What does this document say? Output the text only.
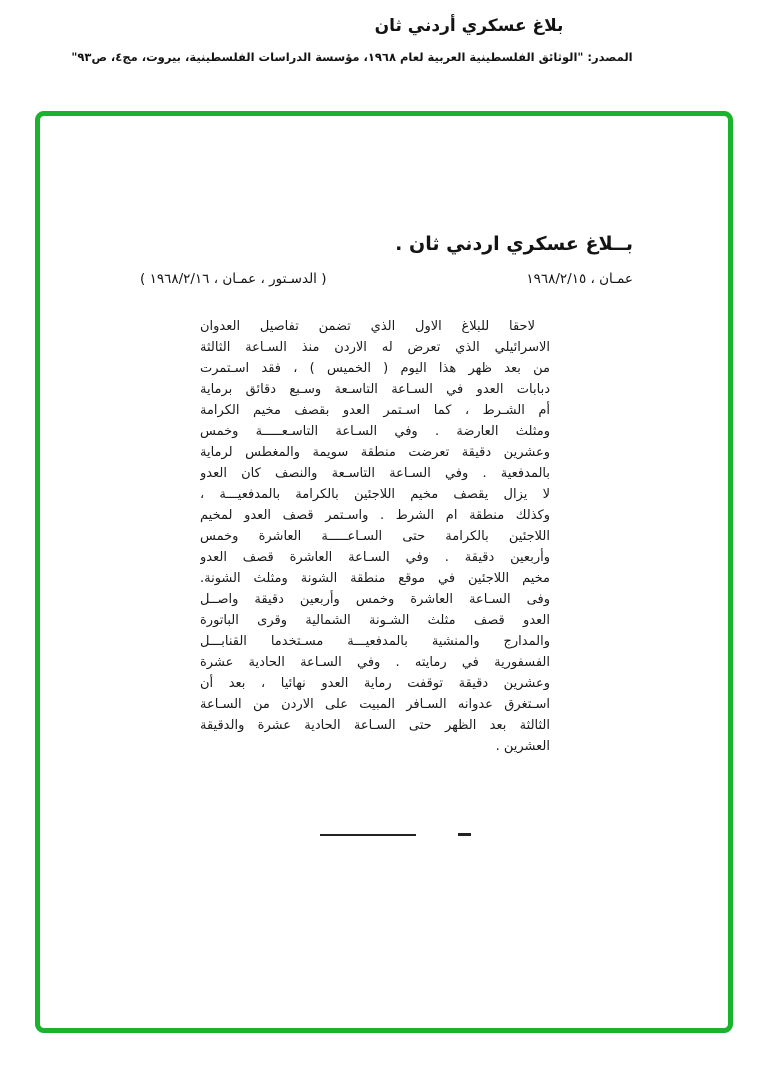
بلاغ عسكري أردني ثان
المصدر: "الوثائق الفلسطينية العربية لعام ١٩٦٨، مؤسسة الدراسات الفلسطينية، بيروت، مج٤، ص٩٣"
بــلاغ عسكري اردني ثان .
عمـان ، ١٩٦٨/٢/١٥
( الدسـتور ، عمـان ، ١٩٦٨/٢/١٦ )
لاحقا للبلاغ الاول الذي تضمن تفاصيل العدوان
الاسرائيلي الذي تعرض له الاردن منذ السـاعة الثالثة
من بعد ظهر هذا اليوم ( الخميس ) ، فقد اسـتمرت
دبابات العدو في السـاعة التاسـعة وسـبع دقائق برماية
أم الشـرط ، كما اسـتمر العدو بقصف مخيم الكرامة
ومثلث العارضة . وفي السـاعة التاسـعـــــة وخمس
وعشرين دقيقة تعرضت منطقة سويمة والمغطس لرماية
بالمدفعية . وفي السـاعة التاسـعة والنصف كان العدو
لا يزال يقصف مخيم اللاجئين بالكرامة بالمدفعيـــة ،
وكذلك منطقة ام الشرط . واسـتمر قصف العدو لمخيم
اللاجئين بالكرامة حتى السـاعـــــة العاشرة وخمس
وأربعين دقيقة . وفي السـاعة العاشرة قصف العدو
مخيم اللاجئين في موقع منطقة الشونة ومثلث الشونة.
وفى السـاعة العاشرة وخمس وأربعين دقيقة واصــل
العدو قصف مثلث الشـونة الشمالية وقرى الباتورة
والمدارج والمنشية بالمدفعيـــة مسـتخدما القنابـــل
الفسفورية في رمايته . وفي السـاعة الحادية عشرة
وعشرين دقيقة توقفت رماية العدو نهائيا ، بعد أن
اسـتغرق عدوانه السـافر المبيت على الاردن من السـاعة
الثالثة بعد الظهر حتى السـاعة الحادية عشرة والدقيقة
العشرين .
